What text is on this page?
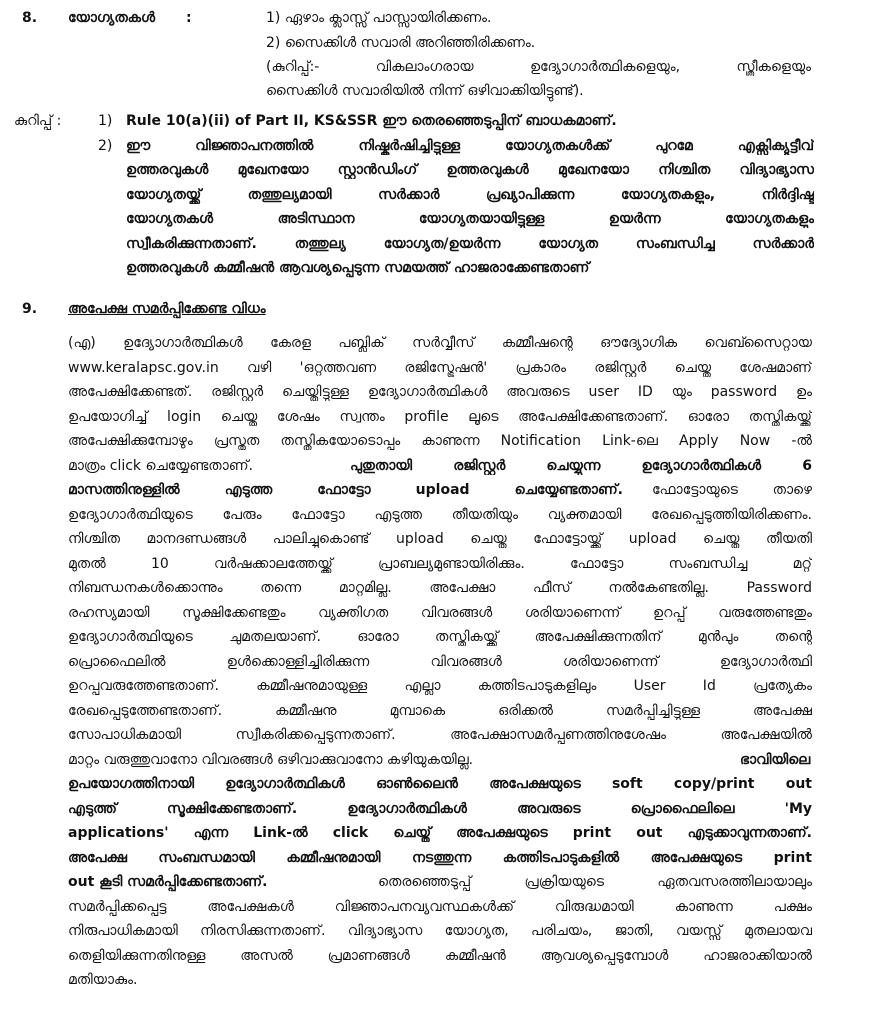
8. യോഗ്യതകൾ :	1) ഏഴാം ക്ലാസ്സ് പാസ്സായിരിക്കണം.
2) സൈക്കിൾ സവാരി അറിഞ്ഞിരിക്കണം.
(കുറിപ്പ്:- വികലാംഗരായ ഉദ്യോഗാർത്ഥികളെയും, സ്ത്രീകളെയും
സൈക്കിൾ സവാരിയിൽ നിന്ന് ഒഴിവാക്കിയിട്ടുണ്ട്).
കുറിപ്പ് :	1) Rule 10(a)(ii) of Part II, KS&SSR ഈ തെരഞ്ഞെടുപ്പിന് ബാധകമാണ്.
2) ഈ വിജ്ഞാപനത്തിൽ നിഷ്കർഷിച്ചിട്ടുള്ള യോഗ്യതകൾക്ക് പുറമേ എക്സിക്യൂട്ടീവ്
ഉത്തരവുകൾ മുഖേനയോ സ്റ്റാൻഡിംഗ് ഉത്തരവുകൾ മുഖേനയോ നിശ്ചിത വിദ്യാഭ്യാസ
യോഗ്യതയ്ക്ക് തത്തുല്യമായി സർക്കാർ പ്രഖ്യാപിക്കുന്ന യോഗ്യതകളും, നിർദ്ദിഷ്ട
യോഗ്യതകൾ അടിസ്ഥാന യോഗ്യതയായിട്ടുള്ള ഉയർന്ന യോഗ്യതകളും
സ്വീകരിക്കുന്നതാണ്. തത്തുല്യ യോഗ്യത/ഉയർന്ന യോഗ്യത സംബന്ധിച്ച സർക്കാർ
ഉത്തരവുകൾ കമ്മീഷൻ ആവശ്യപ്പെടുന്ന സമയത്ത് ഹാജരാക്കേണ്ടതാണ്
9. അപേക്ഷ സമർപ്പിക്കേണ്ട വിധം
(എ) ഉദ്യോഗാർത്ഥികൾ കേരള പബ്ലിക് സർവ്വീസ് കമ്മീഷന്റെ ഔദ്യോഗിക വെബ്സൈറ്റായ
www.keralapsc.gov.in വഴി 'ഒറ്റത്തവണ രജിസ്ട്രേഷൻ' പ്രകാരം രജിസ്റ്റർ ചെയ്ത ശേഷമാണ്
അപേക്ഷിക്കേണ്ടത്. രജിസ്റ്റർ ചെയ്തിട്ടുള്ള ഉദ്യോഗാർത്ഥികൾ അവരുടെ user ID യും password ഉം
ഉപയോഗിച്ച് login ചെയ്ത ശേഷം സ്വന്തം profile ലൂടെ അപേക്ഷിക്കേണ്ടതാണ്. ഓരോ തസ്തികയ്ക്ക്
അപേക്ഷിക്കുമ്പോഴും പ്രസ്തുത തസ്തികയോടൊപ്പം കാണുന്ന Notification Link-ലെ Apply Now -ൽ
മാത്രം click ചെയ്യേണ്ടതാണ്.	പുതുതായി രജിസ്റ്റർ ചെയ്യുന്ന ഉദ്യോഗാർത്ഥികൾ 6
മാസത്തിനുള്ളിൽ എടുത്ത ഫോട്ടോ upload ചെയ്യേണ്ടതാണ്. ഫോട്ടോയുടെ താഴെ
ഉദ്യോഗാർത്ഥിയുടെ പേരും ഫോട്ടോ എടുത്ത തീയതിയും വ്യക്തമായി രേഖപ്പെടുത്തിയിരിക്കണം.
നിശ്ചിത മാനദണ്ഡങ്ങൾ പാലിച്ചുകൊണ്ട് upload ചെയ്ത ഫോട്ടോയ്ക്ക് upload ചെയ്ത തീയതി
മുതൽ 10 വർഷക്കാലത്തേയ്ക്ക് പ്രാബല്യമുണ്ടായിരിക്കും. ഫോട്ടോ സംബന്ധിച്ച മറ്റ്
നിബന്ധനകൾക്കൊന്നും തന്നെ മാറ്റമില്ല. അപേക്ഷാ ഫീസ് നൽകേണ്ടതില്ല. Password
രഹസ്യമായി സൂക്ഷിക്കേണ്ടതും വ്യക്തിഗത വിവരങ്ങൾ ശരിയാണെന്ന് ഉറപ്പ് വരുത്തേണ്ടതും
ഉദ്യോഗാർത്ഥിയുടെ ചുമതലയാണ്. ഓരോ തസ്തികയ്ക്ക് അപേക്ഷിക്കുന്നതിന് മുൻപും തന്റെ
പ്രൊഫൈലിൽ ഉൾക്കൊള്ളിച്ചിരിക്കുന്ന വിവരങ്ങൾ ശരിയാണെന്ന് ഉദ്യോഗാർത്ഥി
ഉറപ്പുവരുത്തേണ്ടതാണ്. കമ്മീഷനുമായുള്ള എല്ലാ കത്തിടപാടുകളിലും User Id പ്രത്യേകം
രേഖപ്പെടുത്തേണ്ടതാണ്. കമ്മീഷനു മുമ്പാകെ ഒരിക്കൽ സമർപ്പിച്ചിട്ടുള്ള അപേക്ഷ
സോപാധികമായി സ്വീകരിക്കപ്പെടുന്നതാണ്. അപേക്ഷാസമർപ്പണത്തിനുശേഷം അപേക്ഷയിൽ
മാറ്റം വരുത്തുവാനോ വിവരങ്ങൾ ഒഴിവാക്കുവാനോ കഴിയുകയില്ല.	ഭാവിയിലെ
ഉപയോഗത്തിനായി ഉദ്യോഗാർത്ഥികൾ ഓൺലൈൻ അപേക്ഷയുടെ soft copy/print out
എടുത്ത് സൂക്ഷിക്കേണ്ടതാണ്. ഉദ്യോഗാർത്ഥികൾ അവരുടെ പ്രൊഫൈലിലെ 'My
applications' എന്ന Link-ൽ click ചെയ്ത് അപേക്ഷയുടെ print out എടുക്കാവുന്നതാണ്.
അപേക്ഷ സംബന്ധമായി കമ്മീഷനുമായി നടത്തുന്ന കത്തിടപാടുകളിൽ അപേക്ഷയുടെ print
out കൂടി സമർപ്പിക്കേണ്ടതാണ്.	തെരഞ്ഞെടുപ്പ് പ്രക്രിയയുടെ ഏതവസരത്തിലായാലും
സമർപ്പിക്കപ്പെട്ട അപേക്ഷകൾ വിജ്ഞാപനവ്യവസ്ഥകൾക്ക് വിരുദ്ധമായി കാണുന്ന പക്ഷം
നിരുപാധികമായി നിരസിക്കുന്നതാണ്. വിദ്യാഭ്യാസ യോഗ്യത, പരിചയം, ജാതി, വയസ്സ് മുതലായവ
തെളിയിക്കുന്നതിനുള്ള അസൽ പ്രമാണങ്ങൾ കമ്മീഷൻ ആവശ്യപ്പെടുമ്പോൾ ഹാജരാക്കിയാൽ
മതിയാകും.
